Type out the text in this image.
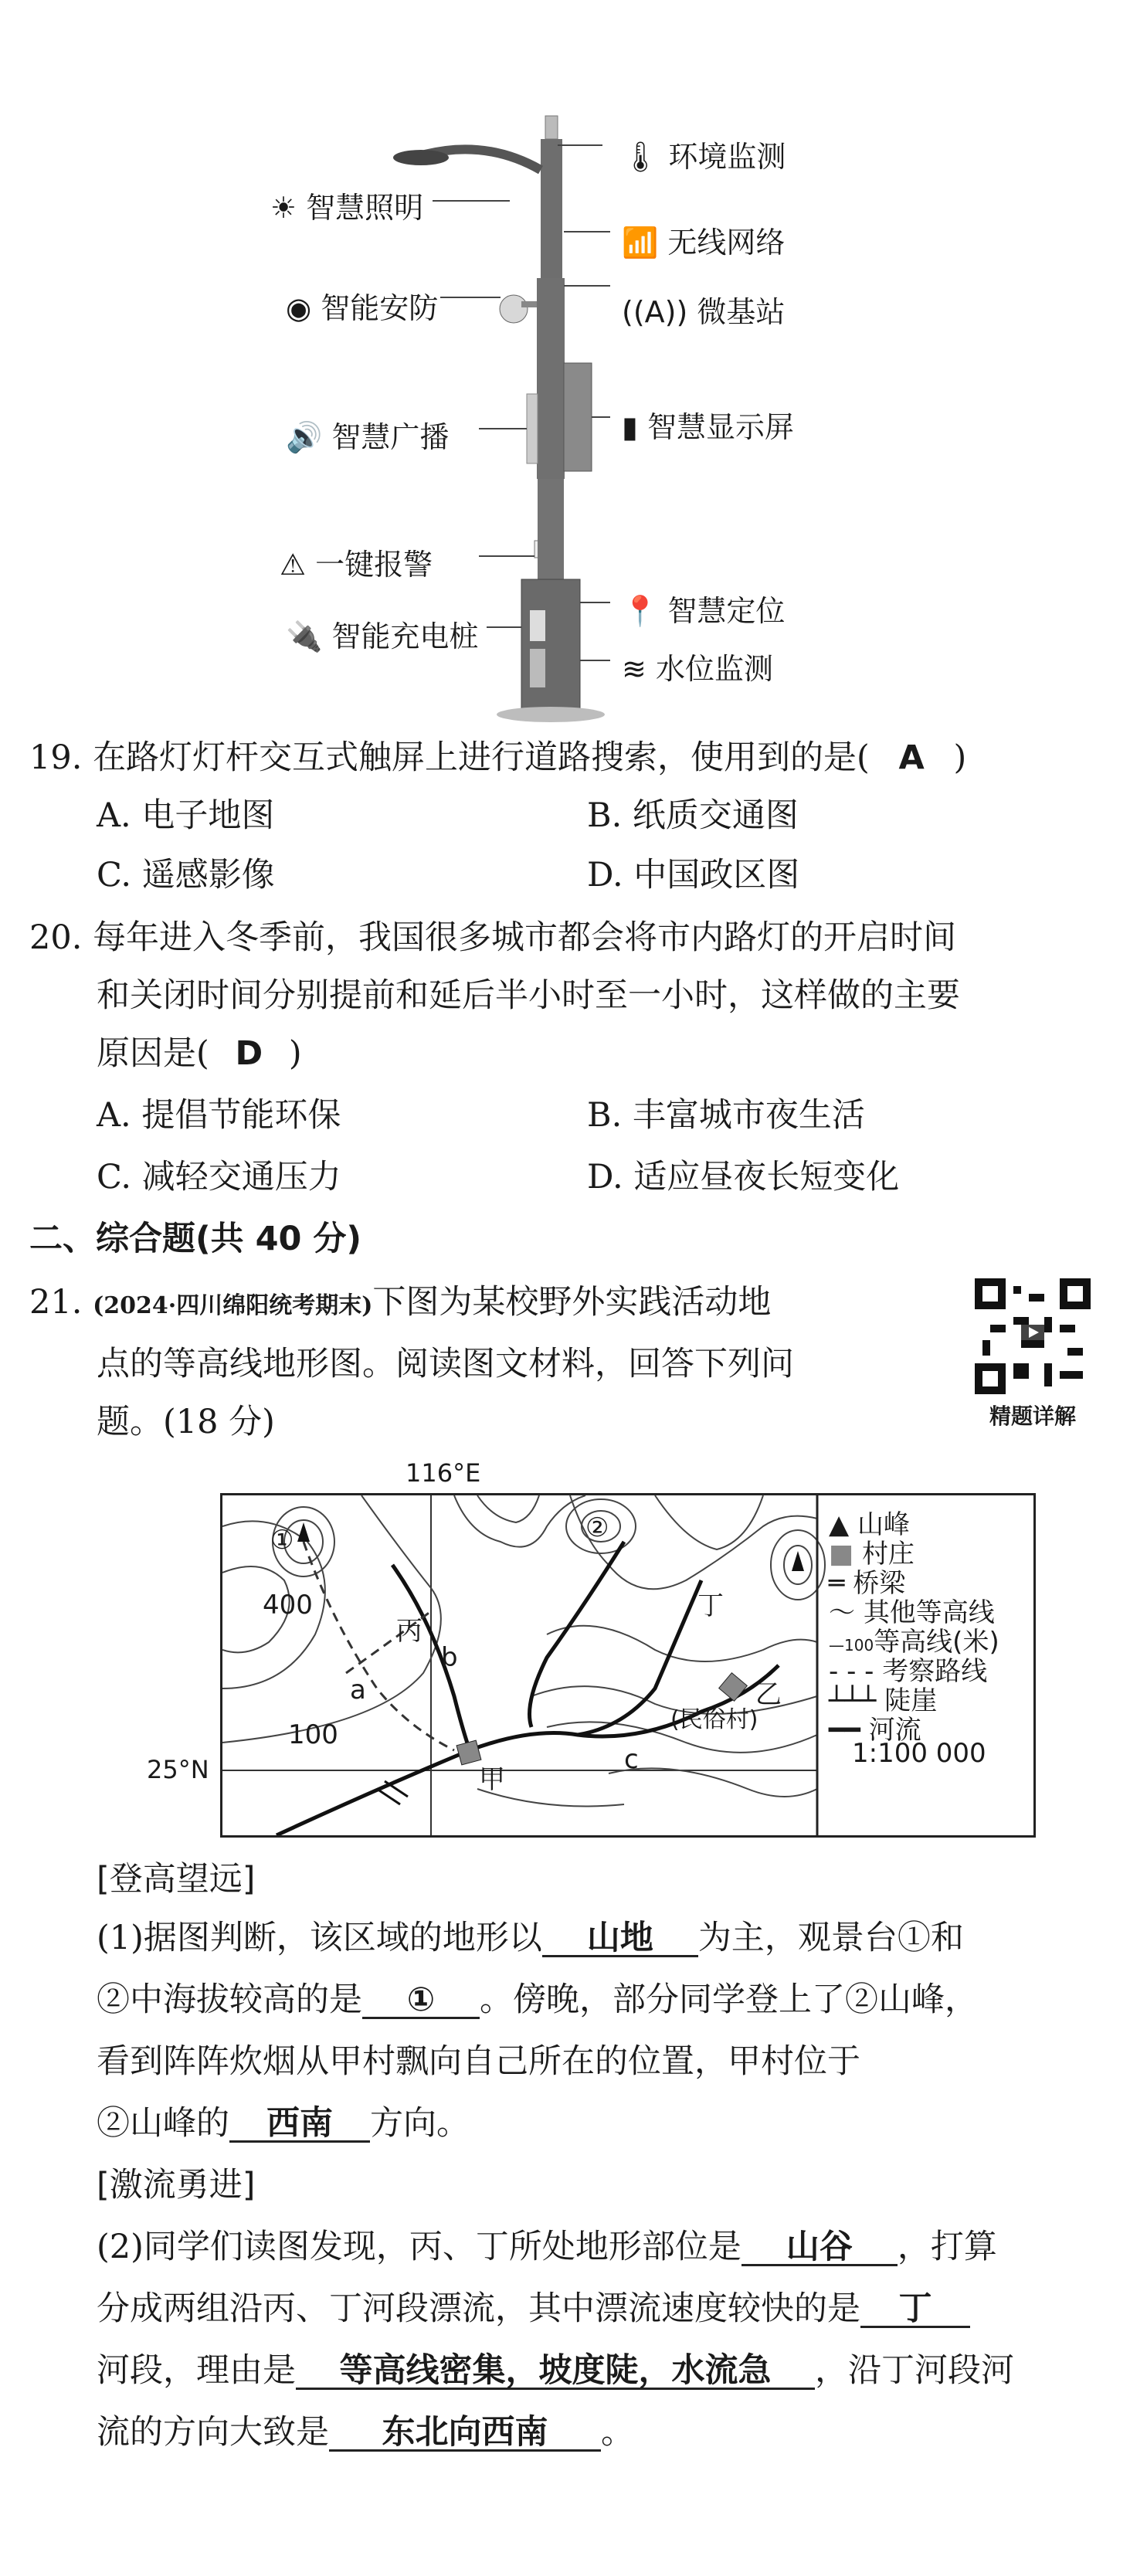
🌡 环境监测
☀ 智慧照明
📶 无线网络
◉ 智能安防	((A)) 微基站
🔊 智慧广播	▮ 智慧显示屏
⚠ 一键报警
📍 智慧定位
🔌 智能充电桩
≋ 水位监测
19. 在路灯灯杆交互式触屏上进行道路搜索，使用到的是( A )
A. 电子地图	B. 纸质交通图
C. 遥感影像	D. 中国政区图
20. 每年进入冬季前，我国很多城市都会将市内路灯的开启时间
和关闭时间分别提前和延后半小时至一小时，这样做的主要
原因是( D )
A. 提倡节能环保	B. 丰富城市夜生活
C. 减轻交通压力	D. 适应昼夜长短变化
二、综合题(共 40 分)
21. (2024·四川绵阳统考期末)下图为某校野外实践活动地
点的等高线地形图。阅读图文材料，回答下列问
题。(18 分)	精题详解
116°E
25°N
①	②
400
100
丙
丁
甲
乙
a
b
c
(民俗村)
▲ 山峰
■ 村庄
═ 桥梁
～ 其他等高线
—100等高线(米)
- - - 考察路线
┴┴┴ 陡崖
━━ 河流
1:100 000
[登高望远]
(1)据图判断，该区域的地形以 山地 为主，观景台①和
②中海拔较高的是 ① 。傍晚，部分同学登上了②山峰，
看到阵阵炊烟从甲村飘向自己所在的位置，甲村位于
②山峰的 西南 方向。
[激流勇进]
(2)同学们读图发现，丙、丁所处地形部位是 山谷 ，打算
分成两组沿丙、丁河段漂流，其中漂流速度较快的是 丁
河段，理由是 等高线密集，坡度陡，水流急 ，沿丁河段河
流的方向大致是 东北向西南 。
